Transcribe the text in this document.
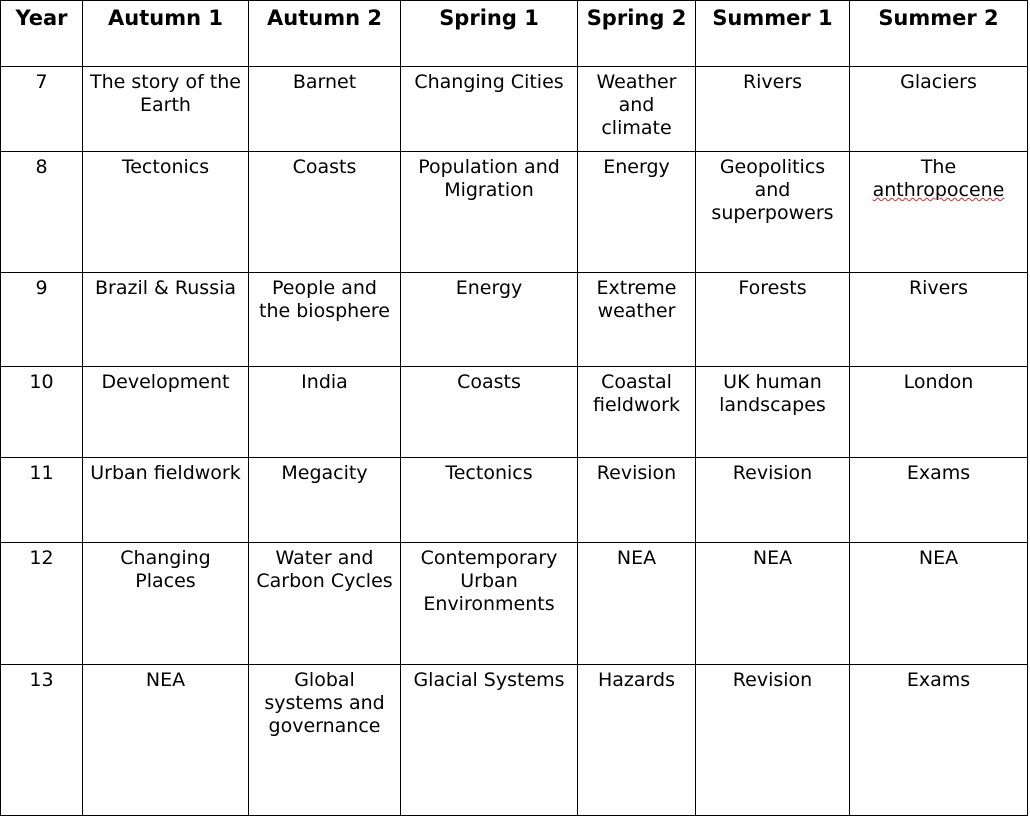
Year	Autumn 1	Autumn 2	Spring 1	Spring 2	Summer 1	Summer 2
7	The story of the Earth	Barnet	Changing Cities	Weather and climate	Rivers	Glaciers
8	Tectonics	Coasts	Population and Migration	Energy	Geopolitics and superpowers	The anthropocene
9	Brazil & Russia	People and the biosphere	Energy	Extreme weather	Forests	Rivers
10	Development	India	Coasts	Coastal fieldwork	UK human landscapes	London
11	Urban fieldwork	Megacity	Tectonics	Revision	Revision	Exams
12	Changing Places	Water and Carbon Cycles	Contemporary Urban Environments	NEA	NEA	NEA
13	NEA	Global systems and governance	Glacial Systems	Hazards	Revision	Exams
